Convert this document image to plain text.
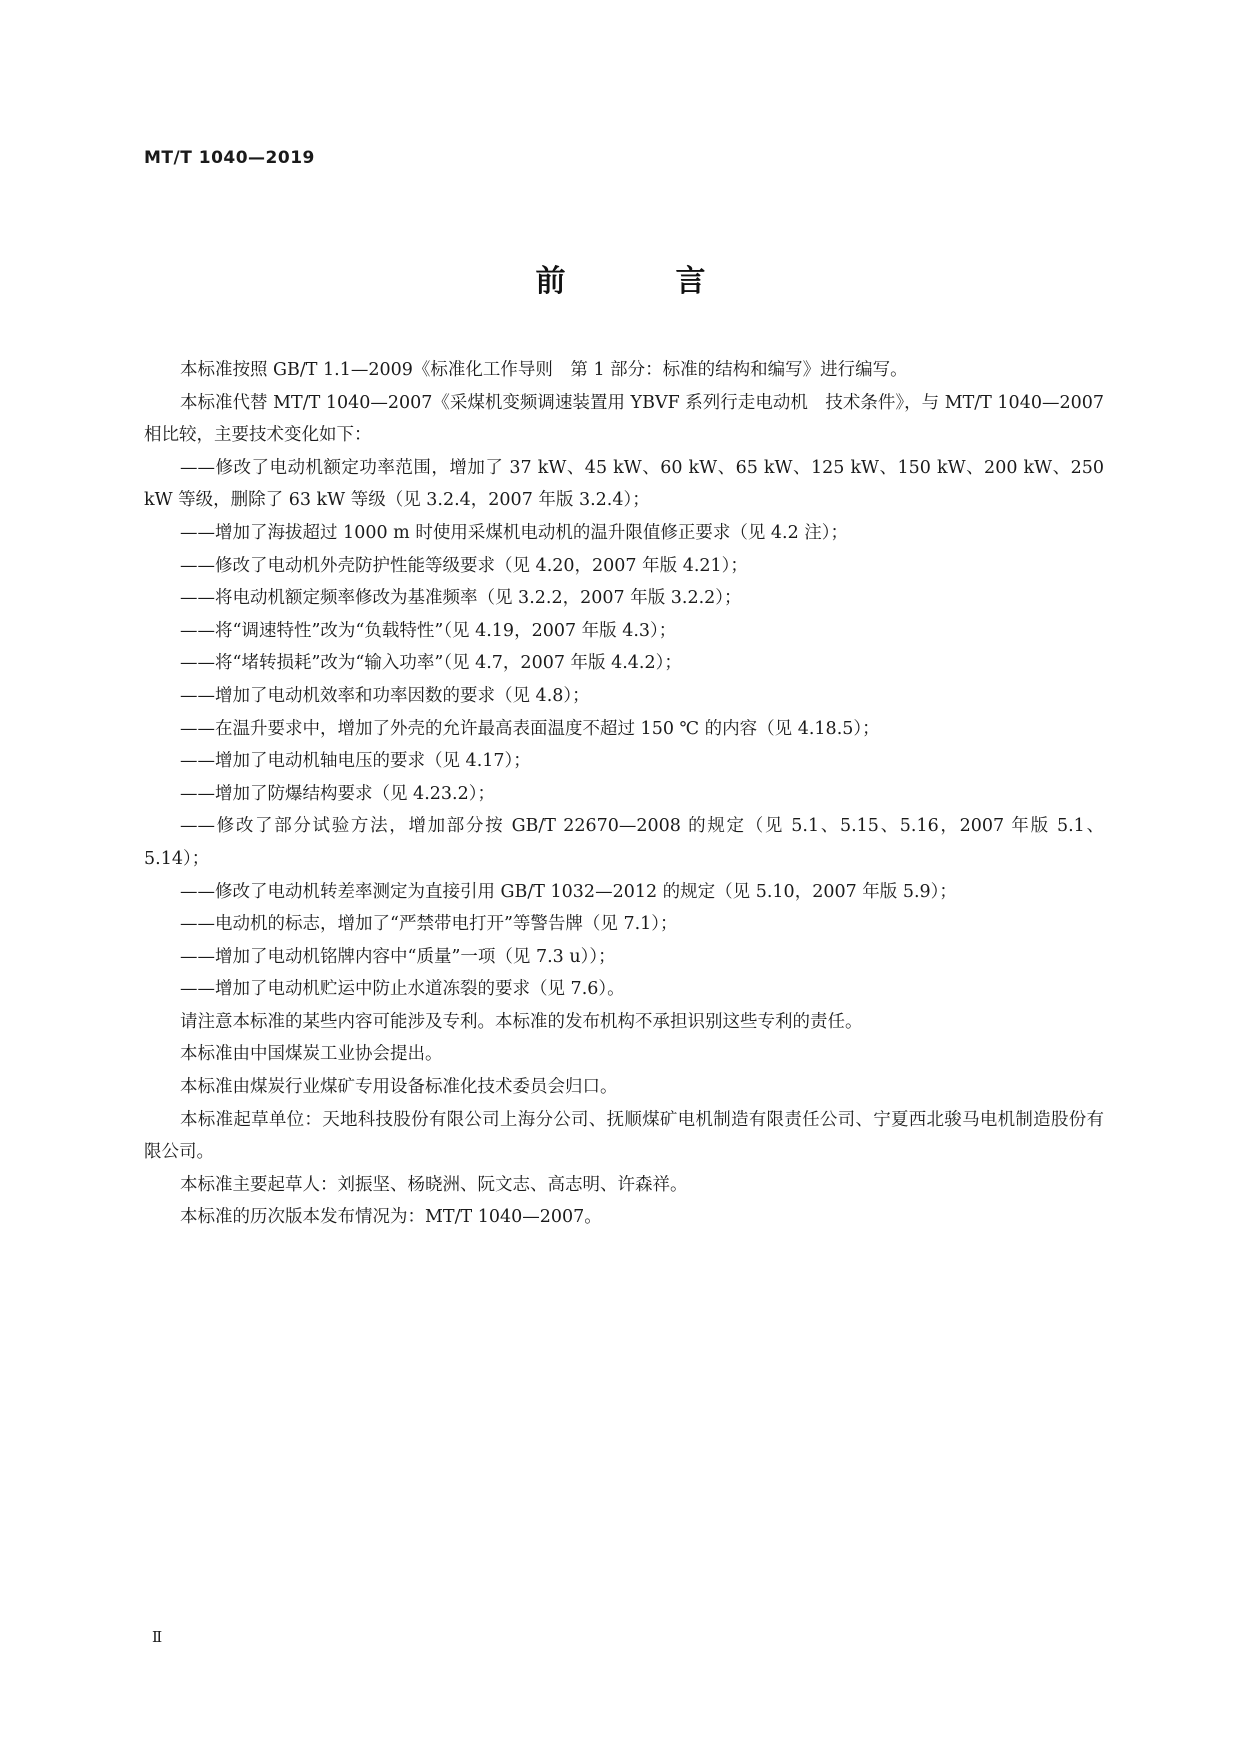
MT/T 1040—2019
前　言

本标准按照 GB/T 1.1—2009《标准化工作导则　第 1 部分：标准的结构和编写》进行编写。

本标准代替 MT/T 1040—2007《采煤机变频调速装置用 YBVF 系列行走电动机　技术条件》，与 MT/T 1040—2007 相比较，主要技术变化如下：

——修改了电动机额定功率范围，增加了 37 kW、45 kW、60 kW、65 kW、125 kW、150 kW、200 kW、250 kW 等级，删除了 63 kW 等级（见 3.2.4，2007 年版 3.2.4）；

——增加了海拔超过 1000 m 时使用采煤机电动机的温升限值修正要求（见 4.2 注）；

——修改了电动机外壳防护性能等级要求（见 4.20，2007 年版 4.21）；

——将电动机额定频率修改为基准频率（见 3.2.2，2007 年版 3.2.2）；

——将“调速特性”改为“负载特性”（见 4.19，2007 年版 4.3）；

——将“堵转损耗”改为“输入功率”（见 4.7，2007 年版 4.4.2）；

——增加了电动机效率和功率因数的要求（见 4.8）；

——在温升要求中，增加了外壳的允许最高表面温度不超过 150 ℃ 的内容（见 4.18.5）；

——增加了电动机轴电压的要求（见 4.17）；

——增加了防爆结构要求（见 4.23.2）；

——修改了部分试验方法，增加部分按 GB/T 22670—2008 的规定（见 5.1、5.15、5.16，2007 年版 5.1、5.14）；

——修改了电动机转差率测定为直接引用 GB/T 1032—2012 的规定（见 5.10，2007 年版 5.9）；

——电动机的标志，增加了“严禁带电打开”等警告牌（见 7.1）；

——增加了电动机铭牌内容中“质量”一项（见 7.3 u））；

——增加了电动机贮运中防止水道冻裂的要求（见 7.6）。

请注意本标准的某些内容可能涉及专利。本标准的发布机构不承担识别这些专利的责任。

本标准由中国煤炭工业协会提出。

本标准由煤炭行业煤矿专用设备标准化技术委员会归口。

本标准起草单位：天地科技股份有限公司上海分公司、抚顺煤矿电机制造有限责任公司、宁夏西北骏马电机制造股份有限公司。

本标准主要起草人：刘振坚、杨晓洲、阮文志、高志明、许森祥。

本标准的历次版本发布情况为：MT/T 1040—2007。

Ⅱ
